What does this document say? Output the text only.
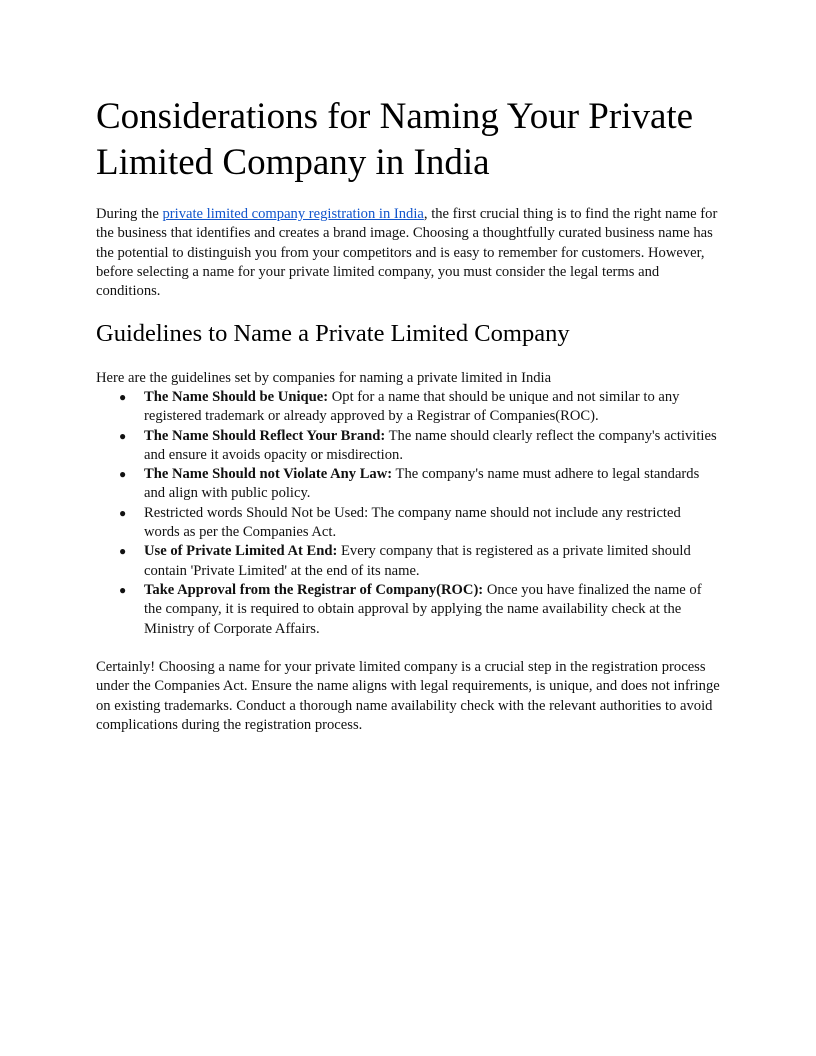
Considerations for Naming Your Private Limited Company in India

During the private limited company registration in India, the first crucial thing is to find the right name for the business that identifies and creates a brand image. Choosing a thoughtfully curated business name has the potential to distinguish you from your competitors and is easy to remember for customers. However, before selecting a name for your private limited company, you must consider the legal terms and conditions.

Guidelines to Name a Private Limited Company

Here are the guidelines set by companies for naming a private limited in India

● The Name Should be Unique: Opt for a name that should be unique and not similar to any registered trademark or already approved by a Registrar of Companies(ROC).
● The Name Should Reflect Your Brand: The name should clearly reflect the company's activities and ensure it avoids opacity or misdirection.
● The Name Should not Violate Any Law: The company's name must adhere to legal standards and align with public policy.
● Restricted words Should Not be Used: The company name should not include any restricted words as per the Companies Act.
● Use of Private Limited At End: Every company that is registered as a private limited should contain 'Private Limited' at the end of its name.
● Take Approval from the Registrar of Company(ROC): Once you have finalized the name of the company, it is required to obtain approval by applying the name availability check at the Ministry of Corporate Affairs.

Certainly! Choosing a name for your private limited company is a crucial step in the registration process under the Companies Act. Ensure the name aligns with legal requirements, is unique, and does not infringe on existing trademarks. Conduct a thorough name availability check with the relevant authorities to avoid complications during the registration process.
